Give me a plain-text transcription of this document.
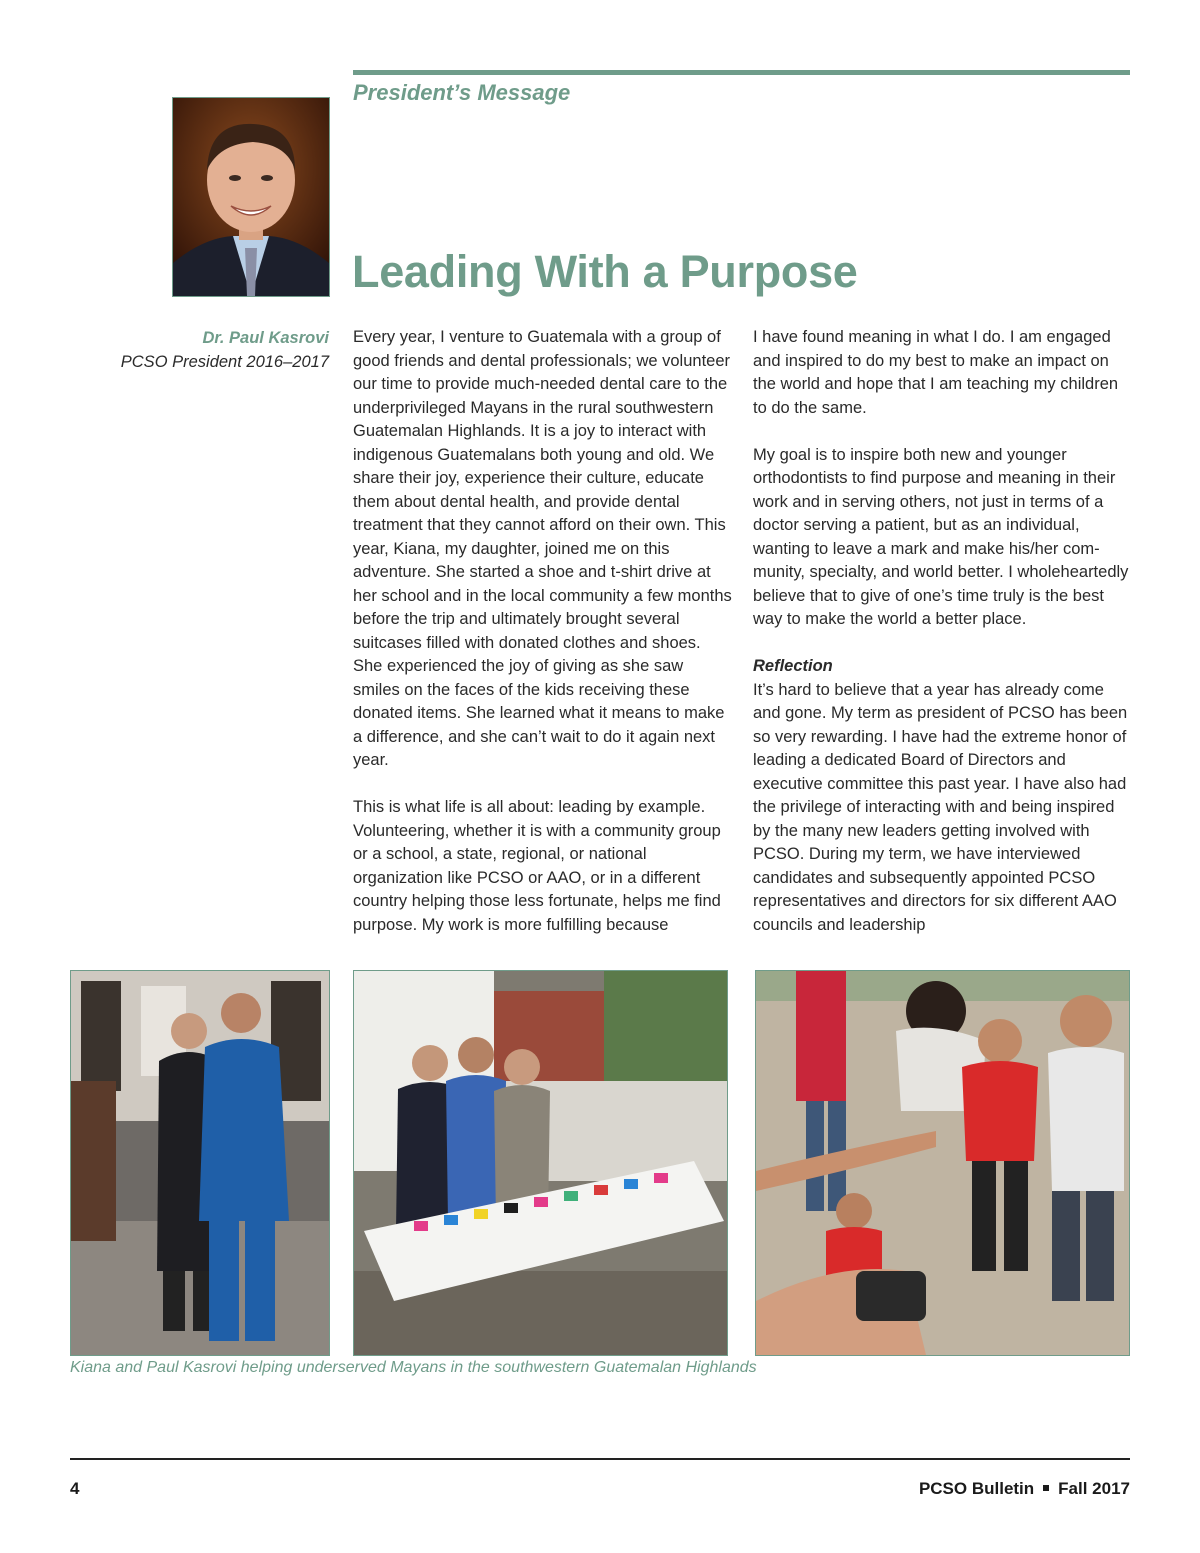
President’s Message
Leading With a Purpose
Dr. Paul Kasrovi
PCSO President 2016–2017

Every year, I venture to Guatemala with a group of good friends and dental professionals; we volunteer our time to provide much-needed dental care to the underprivileged Mayans in the rural southwestern Guatemalan Highlands. It is a joy to interact with indigenous Guatemalans both young and old. We share their joy, experience their culture, educate them about dental health, and provide dental treatment that they cannot afford on their own. This year, Kiana, my daughter, joined me on this adventure. She started a shoe and t-shirt drive at her school and in the local community a few months before the trip and ultimately brought several suitcases filled with donated clothes and shoes. She experienced the joy of giving as she saw smiles on the faces of the kids receiving these donated items. She learned what it means to make a difference, and she can’t wait to do it again next year.

This is what life is all about: leading by example. Volunteering, whether it is with a community group or a school, a state, regional, or national organization like PCSO or AAO, or in a different country helping those less fortunate, helps me find purpose. My work is more fulfilling because

I have found meaning in what I do. I am engaged and inspired to do my best to make an impact on the world and hope that I am teaching my children to do the same.

My goal is to inspire both new and younger orthodontists to find purpose and meaning in their work and in serving others, not just in terms of a doctor serving a patient, but as an individual, wanting to leave a mark and make his/her community, specialty, and world better. I wholeheartedly believe that to give of one’s time truly is the best way to make the world a better place.

Reflection

It’s hard to believe that a year has already come and gone. My term as president of PCSO has been so very rewarding. I have had the extreme honor of leading a dedicated Board of Directors and executive committee this past year. I have also had the privilege of interacting with and being inspired by the many new leaders getting involved with PCSO. During my term, we have interviewed candidates and subsequently appointed PCSO representatives and directors for six different AAO councils and leadership

Kiana and Paul Kasrovi helping underserved Mayans in the southwestern Guatemalan Highlands
4	PCSO Bulletin Fall 2017
